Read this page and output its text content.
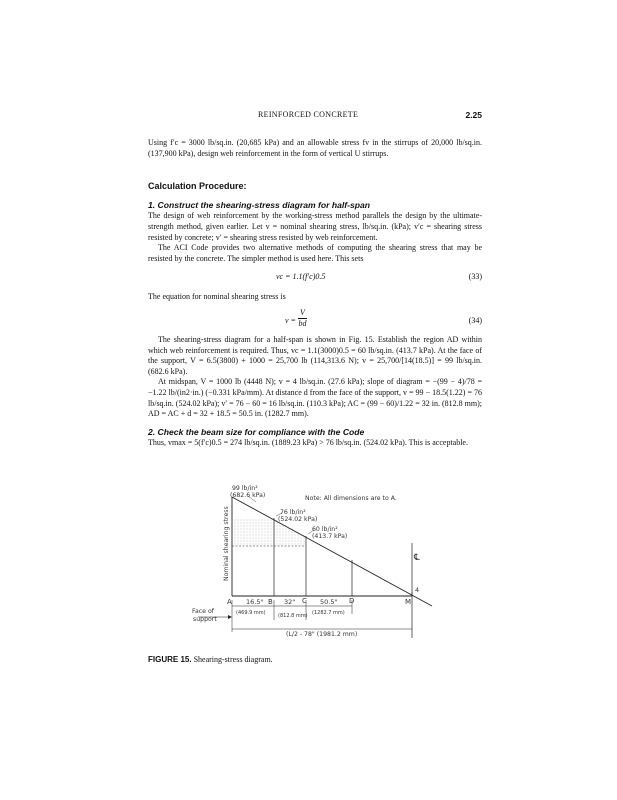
REINFORCED CONCRETE	2.25

Using f′c = 3000 lb/sq.in. (20,685 kPa) and an allowable stress fv in the stirrups of 20,000 lb/sq.in. (137,900 kPa), design web reinforcement in the form of vertical U stirrups.

Calculation Procedure:
1. Construct the shearing-stress diagram for half-span

The design of web reinforcement by the working-stress method parallels the design by the ultimate-strength method, given earlier. Let v = nominal shearing stress, lb/sq.in. (kPa); v′c = shearing stress resisted by concrete; v′ = shearing stress resisted by web reinforcement.

The ACI Code provides two alternative methods of computing the shearing stress that may be resisted by the concrete. The simpler method is used here. This sets

vc = 1.1(f′c)0.5	(33)

The equation for nominal shearing stress is

$v = \frac{V}{bd}$	(34)

The shearing-stress diagram for a half-span is shown in Fig. 15. Establish the region AD within which web reinforcement is required. Thus, vc = 1.1(3000)0.5 = 60 lb/sq.in. (413.7 kPa). At the face of the support, V = 6.5(3800) + 1000 = 25,700 lb (114,313.6 N); v = 25,700/[14(18.5)] = 99 lb/sq.in. (682.6 kPa).

At midspan, V = 1000 lb (4448 N); v = 4 lb/sq.in. (27.6 kPa); slope of diagram = −(99 − 4)/78 = −1.22 lb/(in2·in.) (−0.331 kPa/mm). At distance d from the face of the support, v = 99 − 18.5(1.22) = 76 lb/sq.in. (524.02 kPa); v′ = 76 − 60 = 16 lb/sq.in. (110.3 kPa); AC = (99 − 60)/1.22 = 32 in. (812.8 mm); AD = AC + d = 32 + 18.5 = 50.5 in. (1282.7 mm).

2. Check the beam size for compliance with the Code

Thus, vmax = 5(f′c)0.5 = 274 lb/sq.in. (1889.23 kPa) > 76 lb/sq.in. (524.02 kPa). This is acceptable.

99 lb/in²
(682.6 kPa)	Note: All dimensions are to A.
76 lb/in²
(524.02 kPa)
60 lb/in²
(413.7 kPa)
Nominal shearing stress	℄
4
A	B	C	D	M
16.5"
(469.9 mm)
32"
(812.8 mm)
50.5"
(1282.7 mm)
Face of
support
(L/2 - 78" (1981.2 mm)
FIGURE 15. Shearing-stress diagram.
